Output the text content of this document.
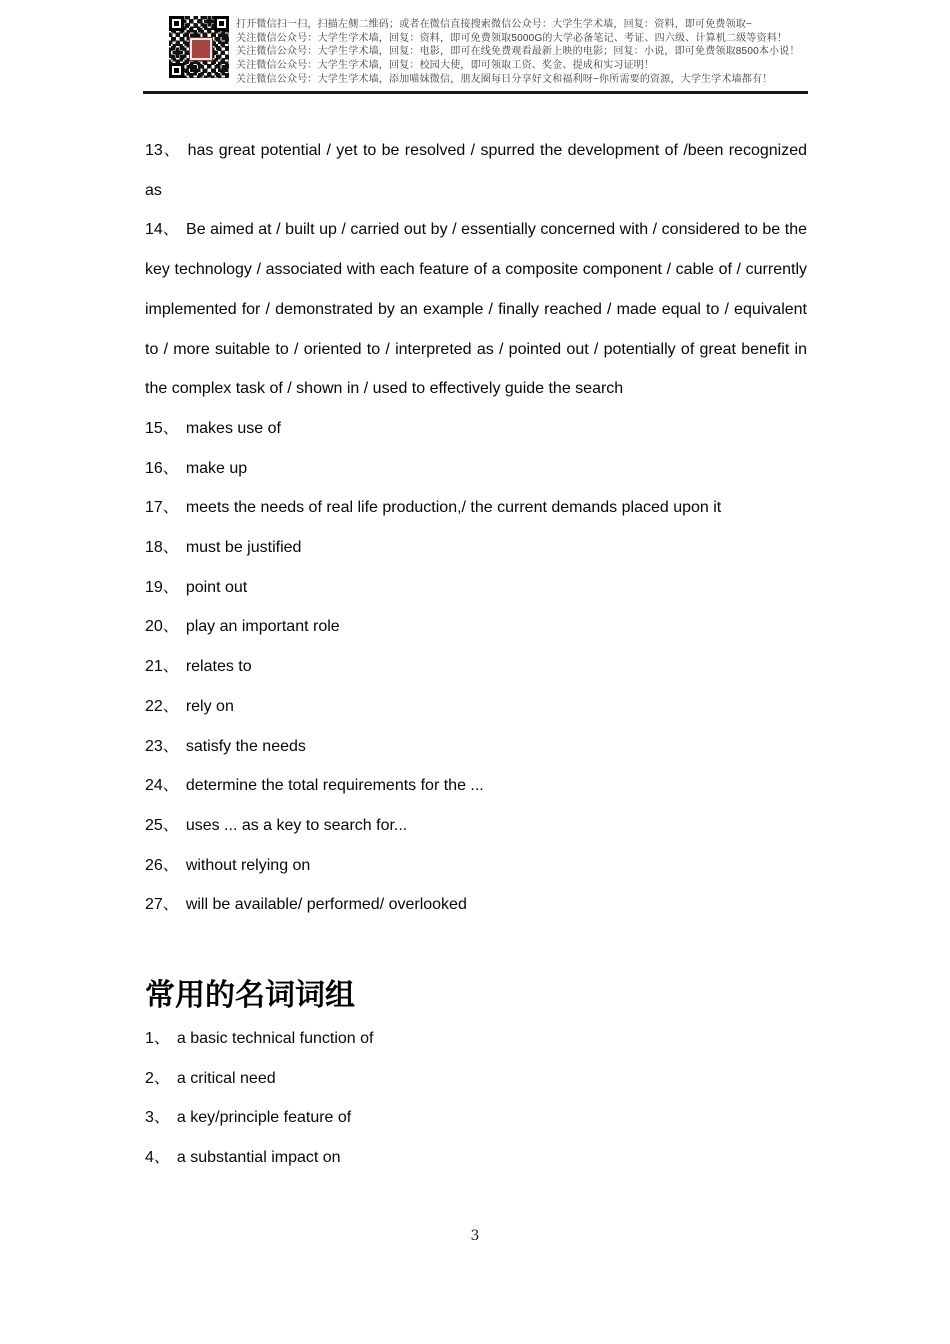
打开微信扫一扫，扫描左侧二维码；或者在微信直接搜索微信公众号：大学生学术墙，回复：资料，即可免费领取~
关注微信公众号：大学生学术墙，回复：资料，即可免费领取5000G的大学必备笔记、考证、四六级、计算机二级等资料！
关注微信公众号：大学生学术墙，回复：电影，即可在线免费观看最新上映的电影；回复：小说，即可免费领取8500本小说！
关注微信公众号：大学生学术墙，回复：校园大使，即可领取工资、奖金、提成和实习证明！
关注微信公众号：大学生学术墙，添加喵妹微信，朋友圈每日分享好文和福利呀~你所需要的资源，大学生学术墙都有！

13、 has great potential / yet to be resolved / spurred the development of /been recognized as

14、 Be aimed at / built up / carried out by / essentially concerned with / considered to be the key technology / associated with each feature of a composite component / cable of / currently implemented for / demonstrated by an example / finally reached / made equal to / equivalent to / more suitable to / oriented to / interpreted as / pointed out / potentially of great benefit in the complex task of / shown in / used to effectively guide the search

15、 makes use of

16、 make up

17、 meets the needs of real life production,/ the current demands placed upon it

18、 must be justified

19、 point out

20、 play an important role

21、 relates to

22、 rely on

23、 satisfy the needs

24、 determine the total requirements for the ...

25、 uses ... as a key to search for...

26、 without relying on

27、 will be available/ performed/ overlooked

常用的名词词组

1、 a basic technical function of

2、 a critical need

3、 a key/principle feature of

4、 a substantial impact on

3
